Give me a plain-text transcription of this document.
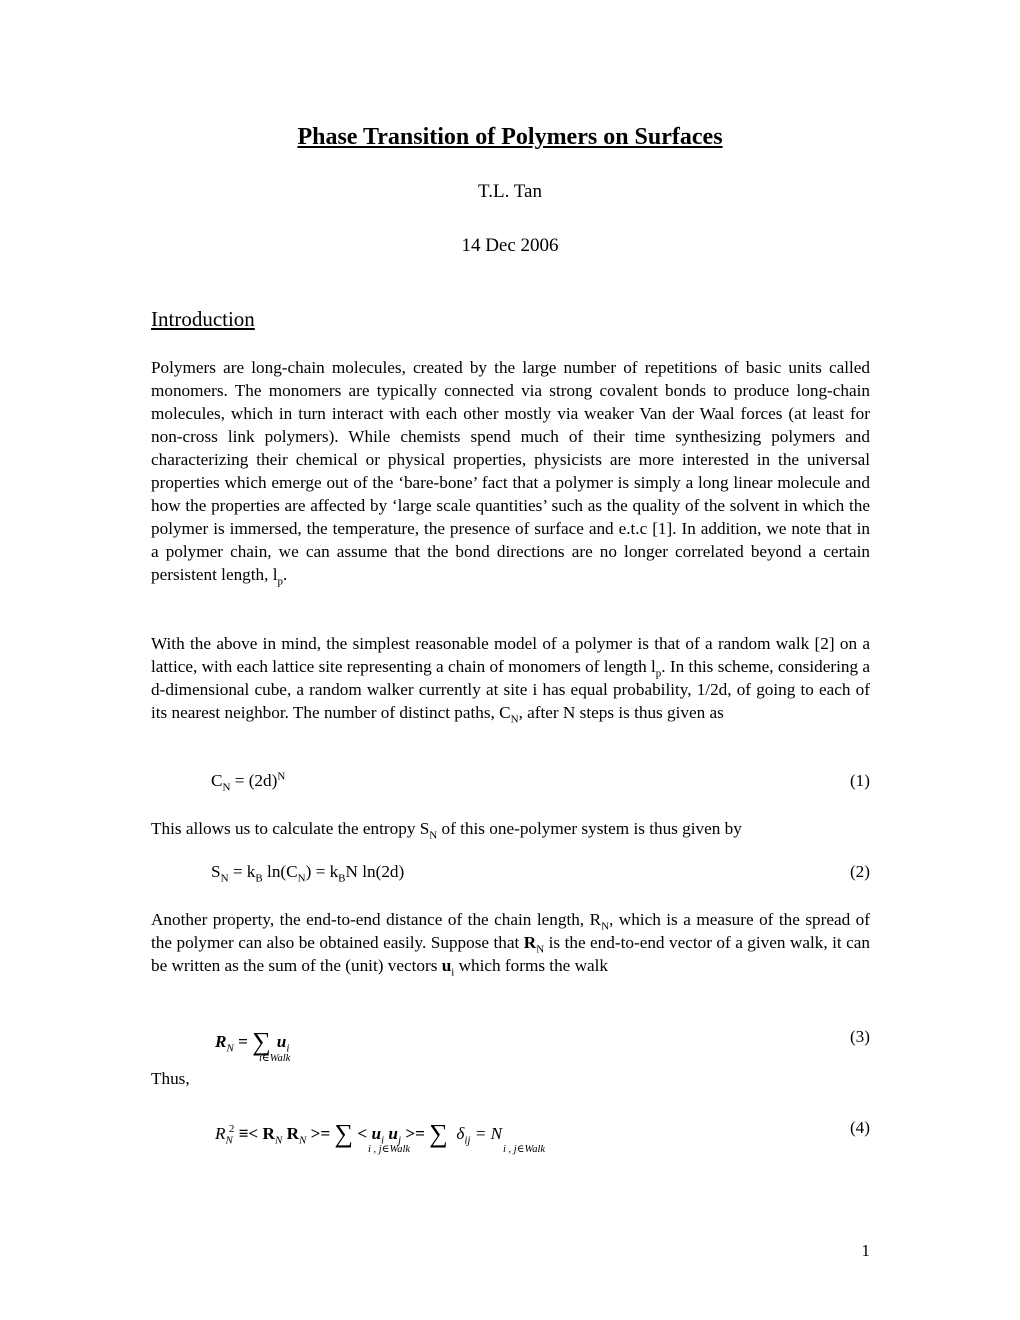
Phase Transition of Polymers on Surfaces
T.L. Tan
14 Dec 2006
Introduction
Polymers are long-chain molecules, created by the large number of repetitions of basic units called monomers. The monomers are typically connected via strong covalent bonds to produce long-chain molecules, which in turn interact with each other mostly via weaker Van der Waal forces (at least for non-cross link polymers). While chemists spend much of their time synthesizing polymers and characterizing their chemical or physical properties, physicists are more interested in the universal properties which emerge out of the ‘bare-bone’ fact that a polymer is simply a long linear molecule and how the properties are affected by ‘large scale quantities’ such as the quality of the solvent in which the polymer is immersed, the temperature, the presence of surface and e.t.c [1]. In addition, we note that in a polymer chain, we can assume that the bond directions are no longer correlated beyond a certain persistent length, $l_p$.
With the above in mind, the simplest reasonable model of a polymer is that of a random walk [2] on a lattice, with each lattice site representing a chain of monomers of length $l_p$. In this scheme, considering a d-dimensional cube, a random walker currently at site i has equal probability, 1/2d, of going to each of its nearest neighbor. The number of distinct paths, $C_N$, after N steps is thus given as
$C_N = (2d)^N$	(1)
This allows us to calculate the entropy $S_N$ of this one-polymer system is thus given by
$S_N = k_B$ $\ln(C_N) = k_BN$ ln(2d)	(2)
Another property, the end-to-end distance of the chain length, $R_N$, which is a measure of the spread of the polymer can also be obtained easily. Suppose that $R_N$ is the end-to-end vector of a given walk, it can be written as the sum of the (unit) vectors $u_i$ which forms the walk
$R_N$ = ∑ $u_i$
i∈Walk
(3)
Thus,
$R_N^2 \equiv< R_N$ $R_N$ >= ∑ < $u_i$ $u_j$ >= ∑ $\delta_{ij} = N$
i , j∈Walk	i , j∈Walk
(4)
1
